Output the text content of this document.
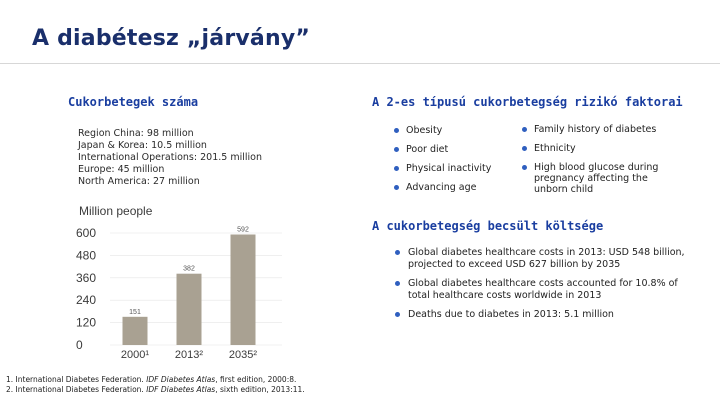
A diabétesz „járvány”
Cukorbetegek száma
Region China: 98 million
Japan & Korea: 10.5 million
International Operations: 201.5 million
Europe: 45 million
North America: 27 million
Million people
600
480
360
240
120
0
151
382
592
2000¹ 2013² 2035²
A 2-es típusú cukorbetegség rizikó faktorai
Obesity
Poor diet
Physical inactivity
Advancing age
Family history of diabetes
Ethnicity
High blood glucose during pregnancy affecting the unborn child
A cukorbetegség becsült költsége
Global diabetes healthcare costs in 2013: USD 548 billion, projected to exceed USD 627 billion by 2035
Global diabetes healthcare costs accounted for 10.8% of total healthcare costs worldwide in 2013
Deaths due to diabetes in 2013: 5.1 million
1. International Diabetes Federation. IDF Diabetes Atlas, first edition, 2000:8.
2. International Diabetes Federation. IDF Diabetes Atlas, sixth edition, 2013:11.
